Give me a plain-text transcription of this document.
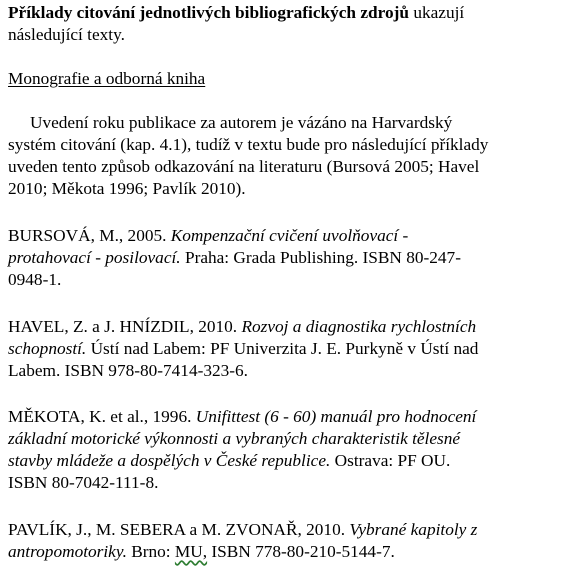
Příklady citování jednotlivých bibliografických zdrojů ukazují
následující texty.
Monografie a odborná kniha
Uvedení roku publikace za autorem je vázáno na Harvardský
systém citování (kap. 4.1), tudíž v textu bude pro následující příklady
uveden tento způsob odkazování na literaturu (Bursová 2005; Havel
2010; Měkota 1996; Pavlík 2010).
BURSOVÁ, M., 2005. Kompenzační cvičení uvolňovací -
protahovací - posilovací. Praha: Grada Publishing. ISBN 80-247-
0948-1.
HAVEL, Z. a J. HNÍZDIL, 2010. Rozvoj a diagnostika rychlostních
schopností. Ústí nad Labem: PF Univerzita J. E. Purkyně v Ústí nad
Labem. ISBN 978-80-7414-323-6.
MĚKOTA, K. et al., 1996. Unifittest (6 - 60) manuál pro hodnocení
základní motorické výkonnosti a vybraných charakteristik tělesné
stavby mládeže a dospělých v České republice. Ostrava: PF OU.
ISBN 80-7042-111-8.
PAVLÍK, J., M. SEBERA a M. ZVONAŘ, 2010. Vybrané kapitoly z
antropomotoriky. Brno: MU, ISBN 778-80-210-5144-7.
